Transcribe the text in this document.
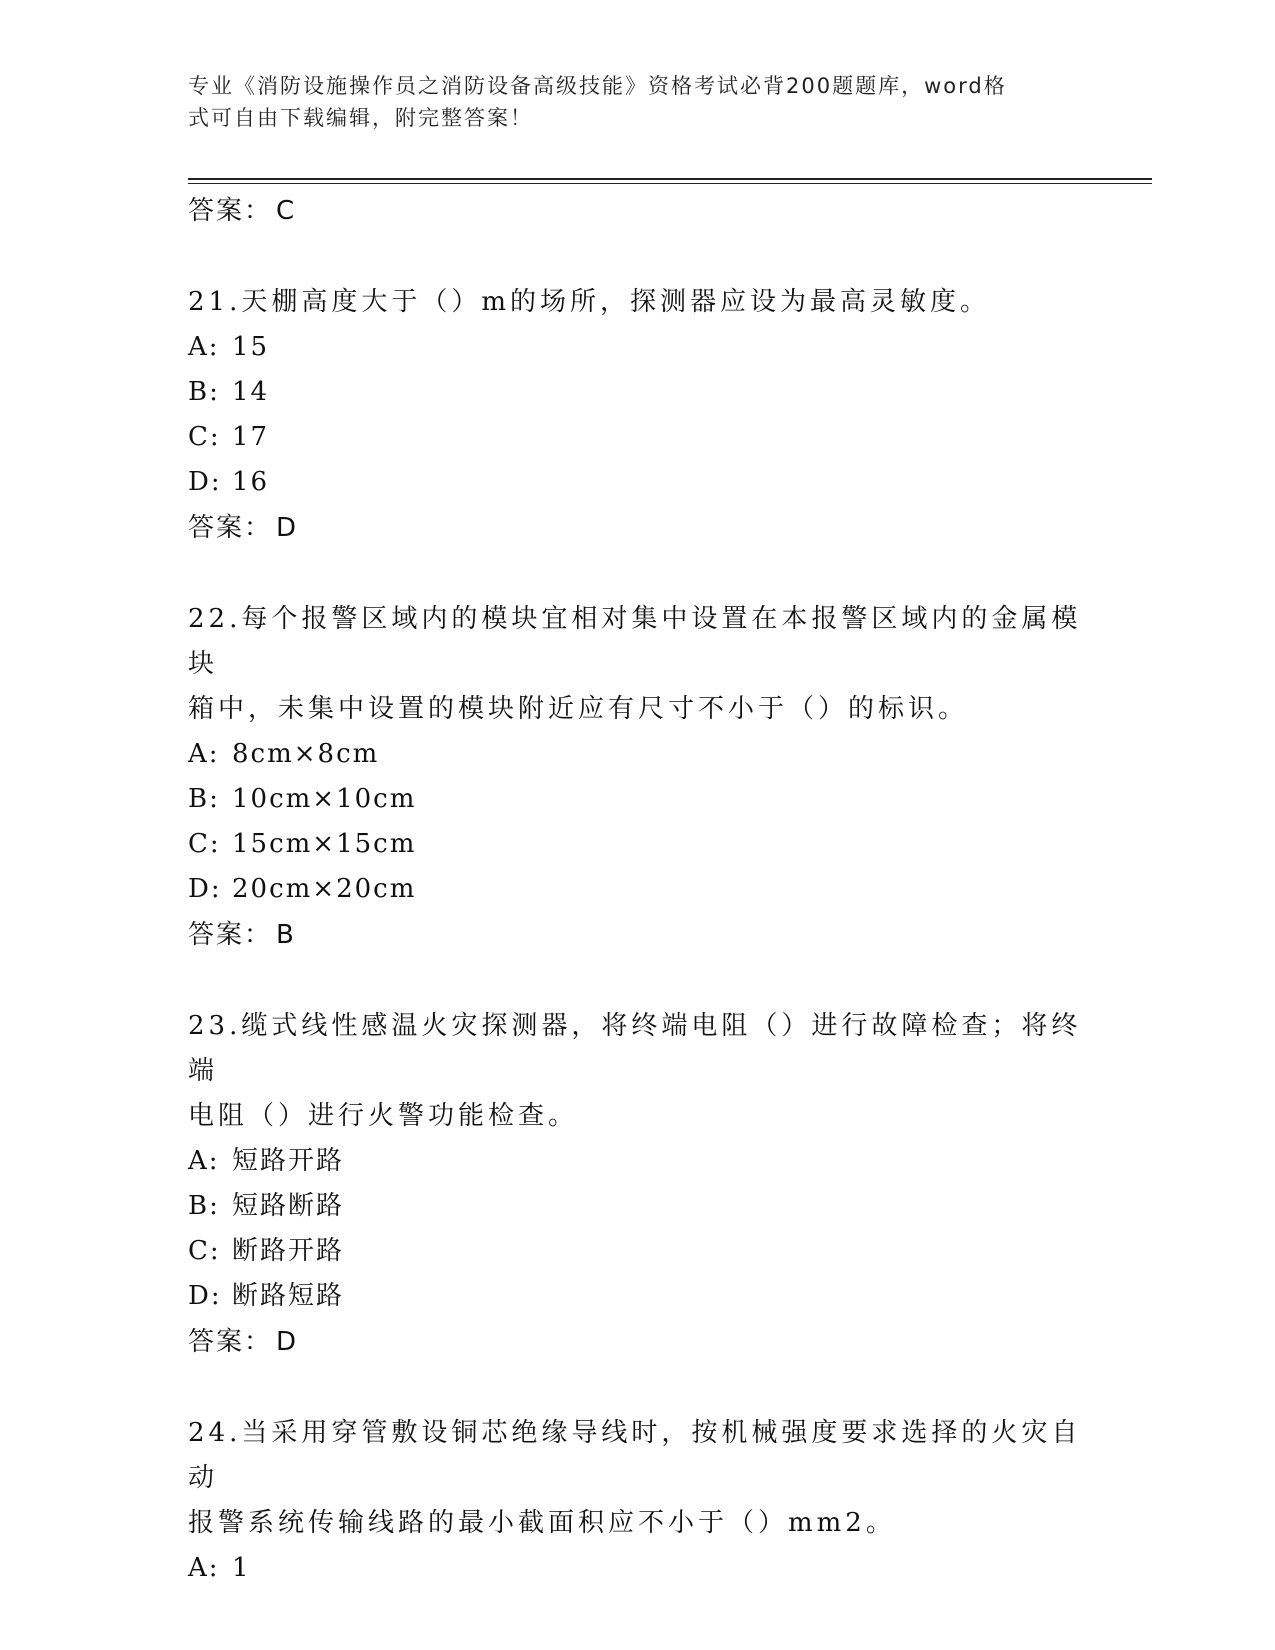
专业《消防设施操作员之消防设备高级技能》资格考试必背200题题库，word格
式可自由下载编辑，附完整答案！
答案： C
21.天棚高度大于（）m的场所，探测器应设为最高灵敏度。
A: 15
B: 14
C: 17
D: 16
答案： D
22.每个报警区域内的模块宜相对集中设置在本报警区域内的金属模块
箱中，未集中设置的模块附近应有尺寸不小于（）的标识。
A: 8cm×8cm
B: 10cm×10cm
C: 15cm×15cm
D: 20cm×20cm
答案： B
23.缆式线性感温火灾探测器，将终端电阻（）进行故障检查；将终端
电阻（）进行火警功能检查。
A: 短路开路
B: 短路断路
C: 断路开路
D: 断路短路
答案： D
24.当采用穿管敷设铜芯绝缘导线时，按机械强度要求选择的火灾自动
报警系统传输线路的最小截面积应不小于（）mm2。
A: 1
